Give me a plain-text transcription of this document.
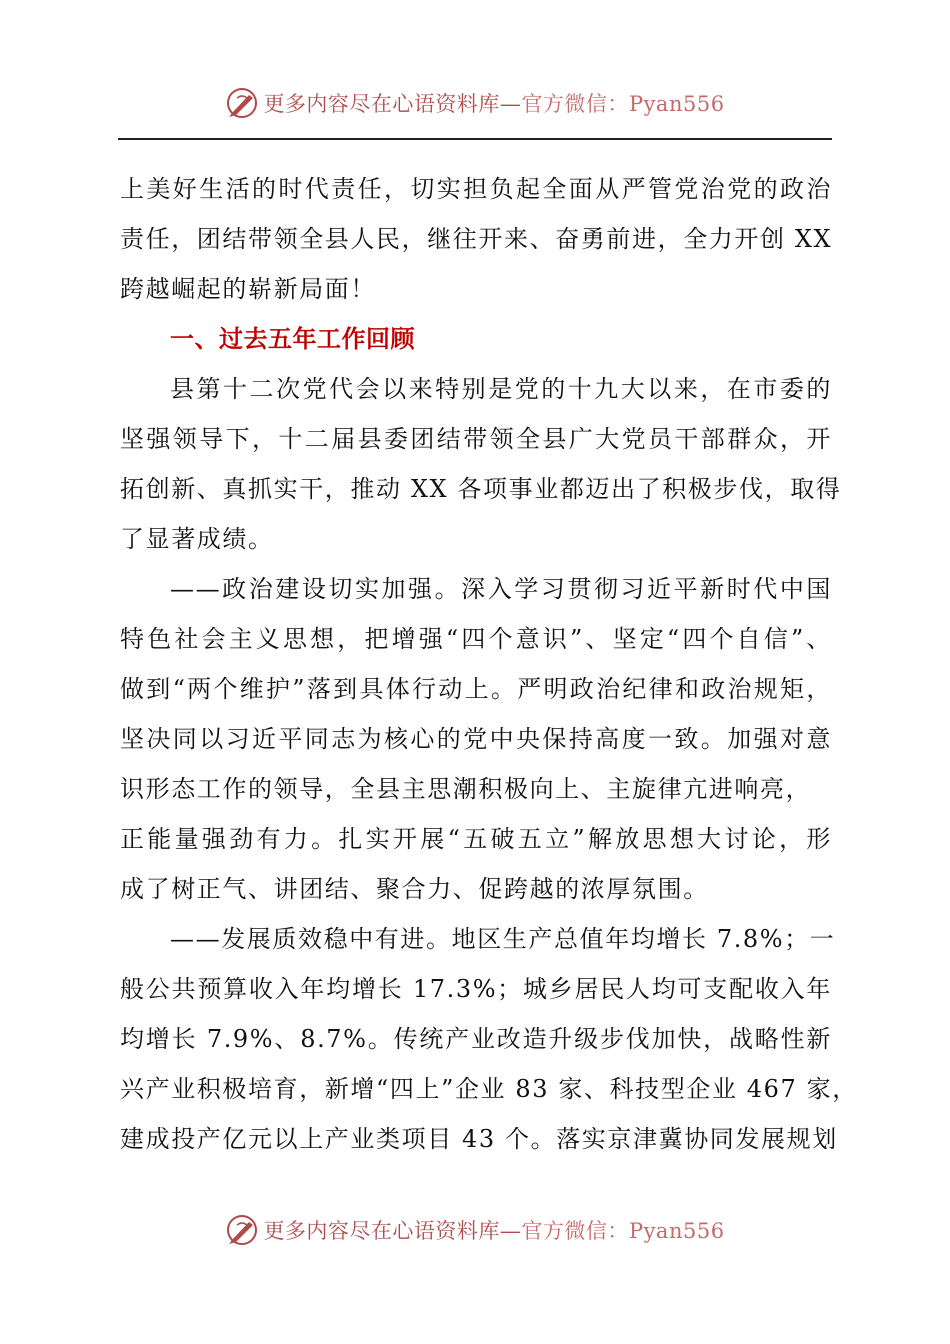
更多内容尽在心语资料库—官方微信：Pyan556
上美好生活的时代责任，切实担负起全面从严管党治党的政治
责任，团结带领全县人民，继往开来、奋勇前进，全力开创 XX
跨越崛起的崭新局面！
一、过去五年工作回顾
县第十二次党代会以来特别是党的十九大以来，在市委的
坚强领导下，十二届县委团结带领全县广大党员干部群众，开
拓创新、真抓实干，推动 XX 各项事业都迈出了积极步伐，取得
了显著成绩。
——政治建设切实加强。深入学习贯彻习近平新时代中国
特色社会主义思想，把增强“四个意识”、坚定“四个自信”、
做到“两个维护”落到具体行动上。严明政治纪律和政治规矩，
坚决同以习近平同志为核心的党中央保持高度一致。加强对意
识形态工作的领导，全县主思潮积极向上、主旋律亢进响亮，
正能量强劲有力。扎实开展“五破五立”解放思想大讨论，形
成了树正气、讲团结、聚合力、促跨越的浓厚氛围。
——发展质效稳中有进。地区生产总值年均增长 7.8%；一
般公共预算收入年均增长 17.3%；城乡居民人均可支配收入年
均增长 7.9%、8.7%。传统产业改造升级步伐加快，战略性新
兴产业积极培育，新增“四上”企业 83 家、科技型企业 467 家，
建成投产亿元以上产业类项目 43 个。落实京津冀协同发展规划
更多内容尽在心语资料库—官方微信：Pyan556
